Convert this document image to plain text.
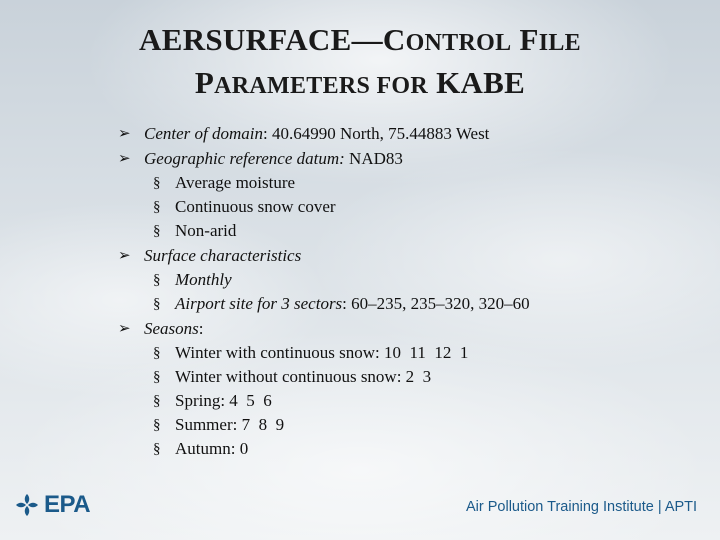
AERSURFACE—CONTROL FILE
PARAMETERS FOR KABE
➢ Center of domain: 40.64990 North, 75.44883 West
➢ Geographic reference datum: NAD83
§ Average moisture
§ Continuous snow cover
§ Non-arid
➢ Surface characteristics
§ Monthly
§ Airport site for 3 sectors: 60–235, 235–320, 320–60
➢ Seasons:
§ Winter with continuous snow: 10  11  12  1
§ Winter without continuous snow: 2  3
§ Spring: 4  5  6
§ Summer: 7  8  9
§ Autumn: 0
EPA	Air Pollution Training Institute | APTI
